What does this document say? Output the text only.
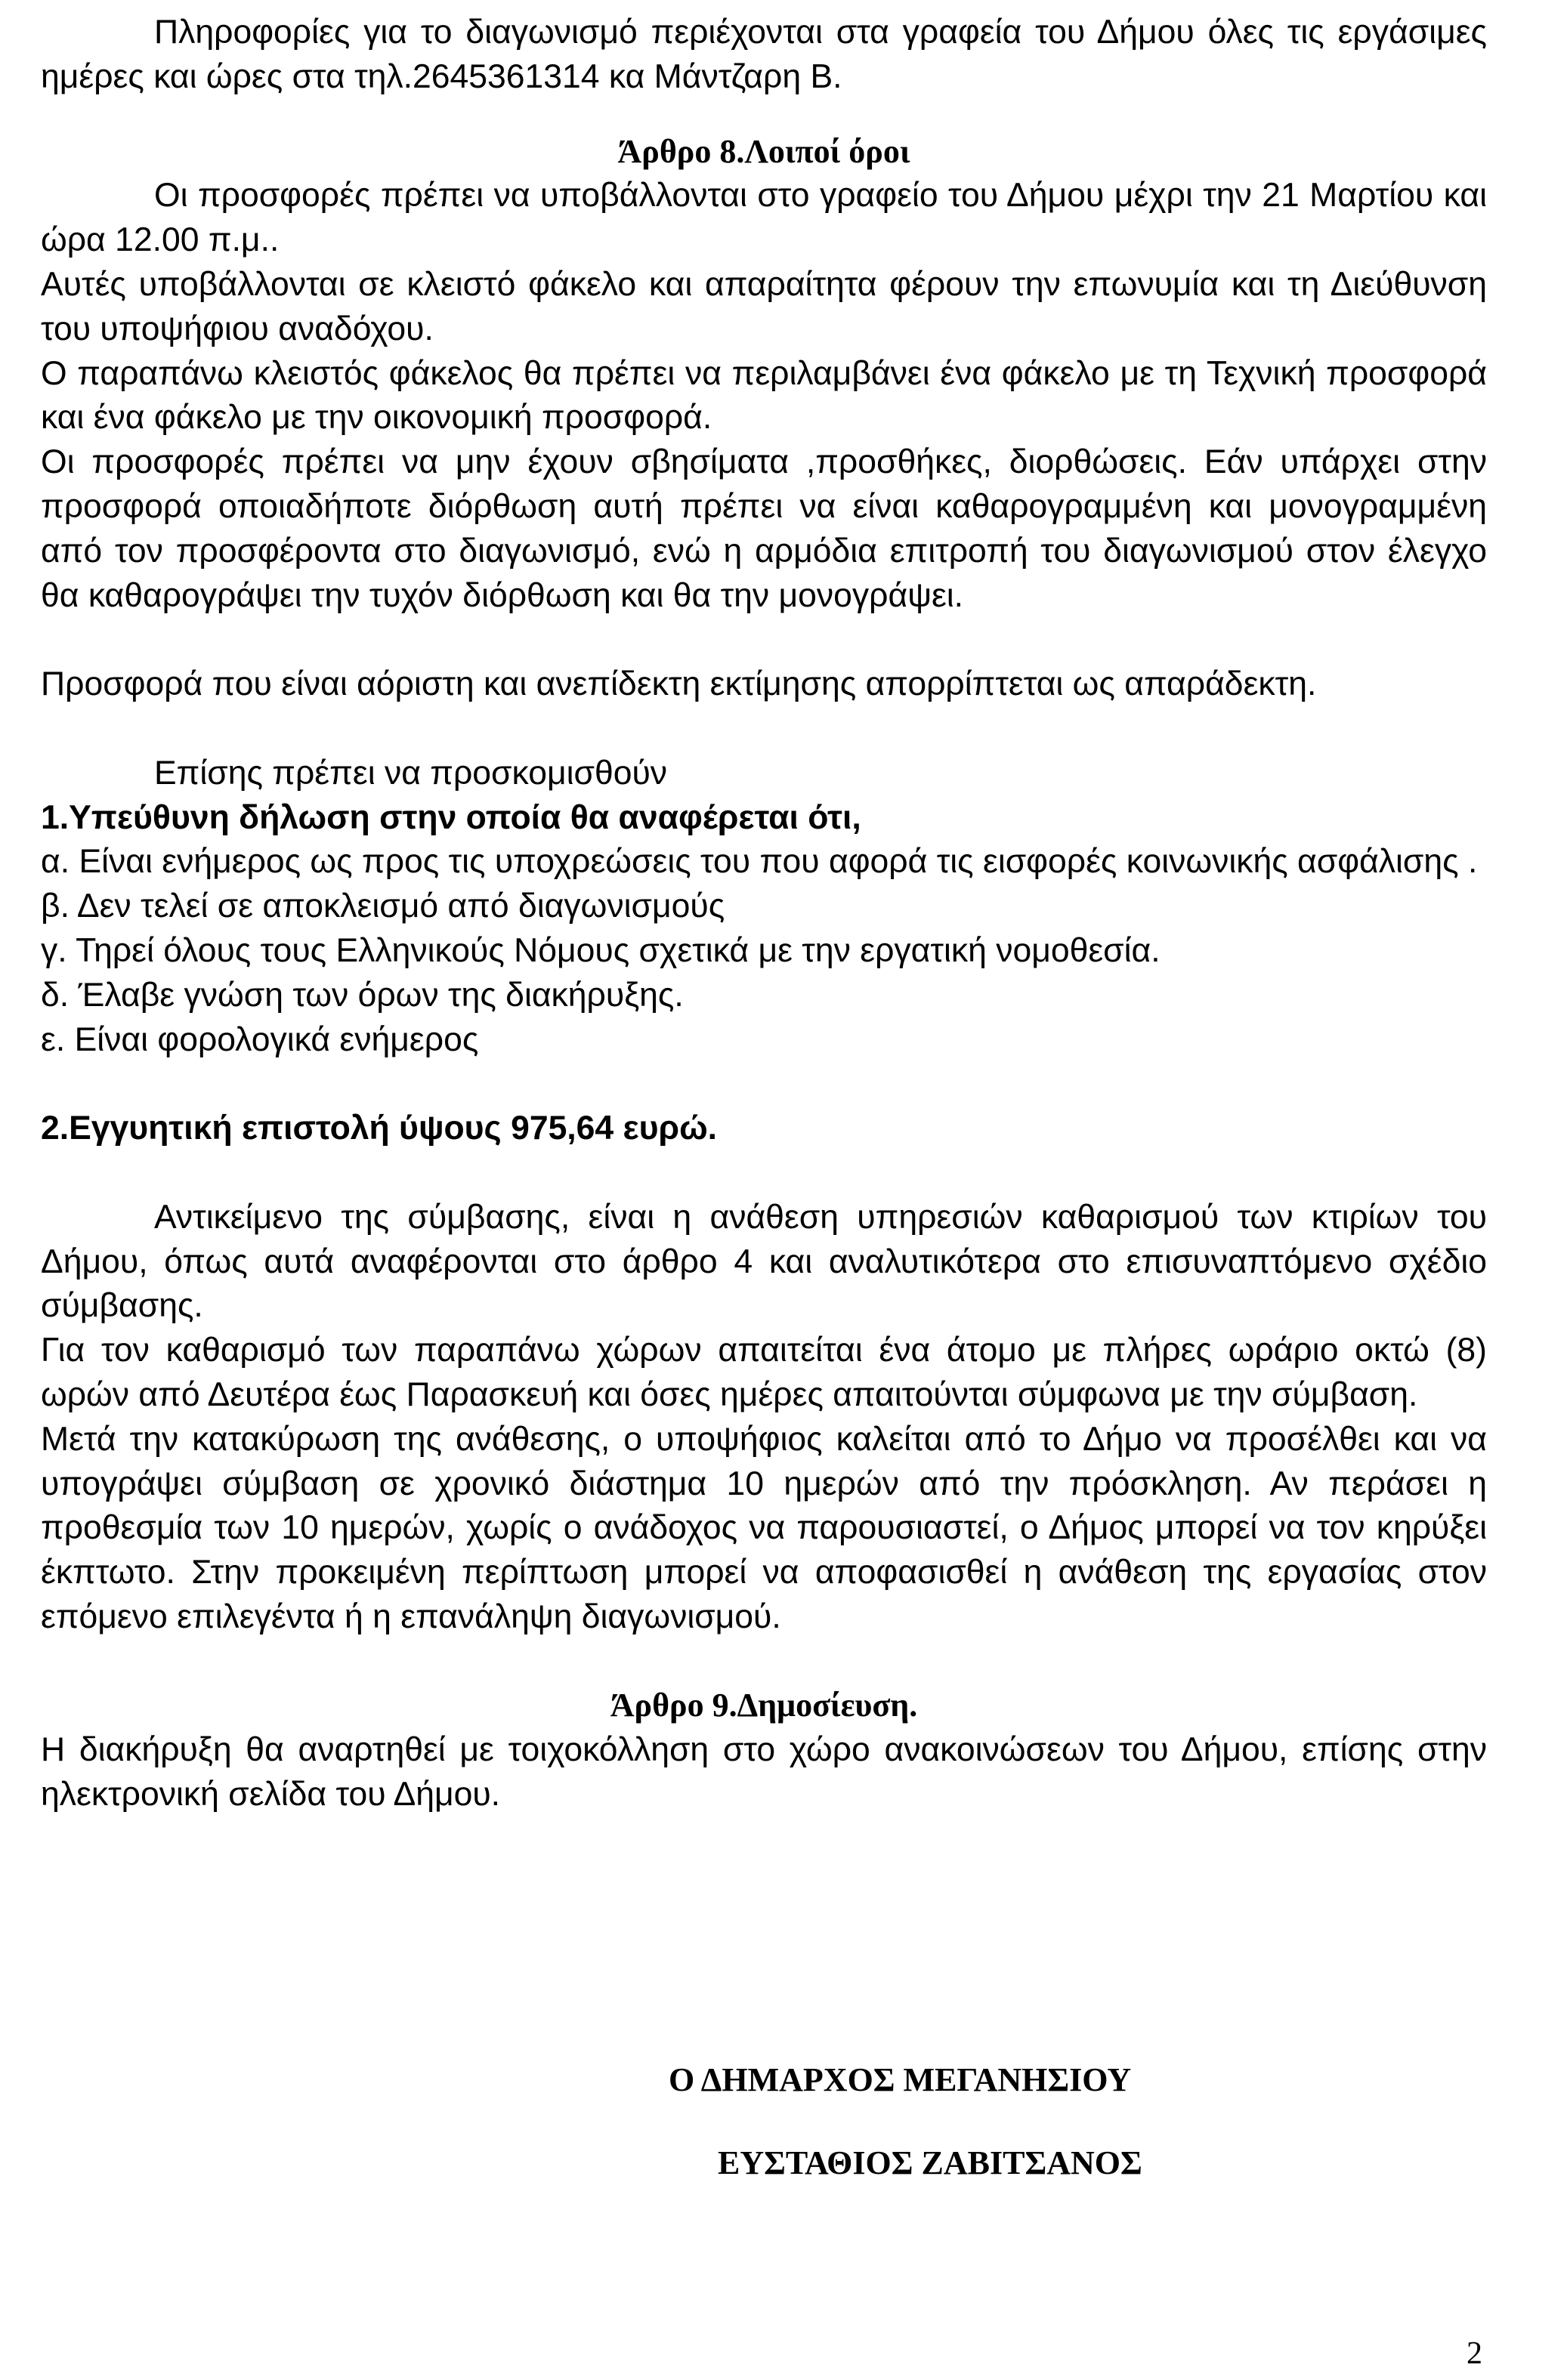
Πληροφορίες για το διαγωνισμό περιέχονται στα γραφεία του Δήμου όλες τις εργάσιμες ημέρες και ώρες στα τηλ.2645361314 κα Μάντζαρη Β.

Άρθρο 8.Λοιποί όροι

Οι προσφορές πρέπει να υποβάλλονται στο γραφείο του Δήμου μέχρι την 21 Μαρτίου και ώρα 12.00 π.μ..

Αυτές υποβάλλονται σε κλειστό φάκελο και απαραίτητα φέρουν την επωνυμία και τη Διεύθυνση του υποψήφιου αναδόχου.

Ο παραπάνω κλειστός φάκελος θα πρέπει να περιλαμβάνει ένα φάκελο με τη Τεχνική προσφορά και ένα φάκελο με την οικονομική προσφορά.

Οι προσφορές πρέπει να μην έχουν σβησίματα ,προσθήκες, διορθώσεις. Εάν υπάρχει στην προσφορά οποιαδήποτε διόρθωση αυτή πρέπει να είναι καθαρογραμμένη και μονογραμμένη από τον προσφέροντα στο διαγωνισμό, ενώ η αρμόδια επιτροπή του διαγωνισμού στον έλεγχο θα καθαρογράψει την τυχόν διόρθωση και θα την μονογράψει.

Προσφορά που είναι αόριστη και ανεπίδεκτη εκτίμησης απορρίπτεται ως απαράδεκτη.

Επίσης πρέπει να προσκομισθούν

1.Υπεύθυνη δήλωση στην οποία θα αναφέρεται ότι,

α. Είναι ενήμερος ως προς τις υποχρεώσεις του που αφορά τις εισφορές κοινωνικής ασφάλισης .

β. Δεν τελεί σε αποκλεισμό από διαγωνισμούς

γ. Τηρεί όλους τους Ελληνικούς Νόμους σχετικά με την εργατική νομοθεσία.

δ. Έλαβε γνώση των όρων της διακήρυξης.

ε. Είναι φορολογικά ενήμερος

2.Εγγυητική επιστολή ύψους 975,64 ευρώ.

Αντικείμενο της σύμβασης, είναι η ανάθεση υπηρεσιών καθαρισμού των κτιρίων του Δήμου, όπως αυτά αναφέρονται στο άρθρο 4 και αναλυτικότερα στο επισυναπτόμενο σχέδιο σύμβασης.

Για τον καθαρισμό των παραπάνω χώρων απαιτείται ένα άτομο με πλήρες ωράριο οκτώ (8) ωρών από Δευτέρα έως Παρασκευή και όσες ημέρες απαιτούνται σύμφωνα με την σύμβαση.

Μετά την κατακύρωση της ανάθεσης, ο υποψήφιος καλείται από το Δήμο να προσέλθει και να υπογράψει σύμβαση σε χρονικό διάστημα 10 ημερών από την πρόσκληση. Αν περάσει η προθεσμία των 10 ημερών, χωρίς ο ανάδοχος να παρουσιαστεί, ο Δήμος μπορεί να τον κηρύξει έκπτωτο. Στην προκειμένη περίπτωση μπορεί να αποφασισθεί η ανάθεση της εργασίας στον επόμενο επιλεγέντα ή η επανάληψη διαγωνισμού.

Άρθρο 9.Δημοσίευση.

Η διακήρυξη θα αναρτηθεί με τοιχοκόλληση στο χώρο ανακοινώσεων του Δήμου, επίσης στην ηλεκτρονική σελίδα του Δήμου.

Ο ΔΗΜΑΡΧΟΣ ΜΕΓΑΝΗΣΙΟΥ
ΕΥΣΤΑΘΙΟΣ ΖΑΒΙΤΣΑΝΟΣ
2
